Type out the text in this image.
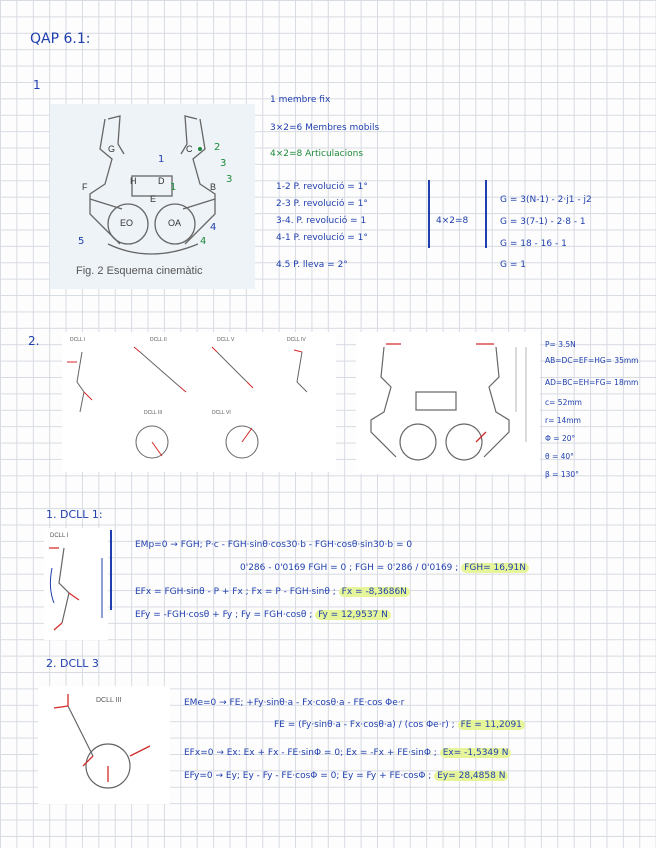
QAP 6.1:
1
F
G
H D
C
B
EO	OA
E
2
3
3
4
1
5
4
1
Fig. 2 Esquema cinemàtic
1 membre fix
3×2=6 Membres mobils
4×2=8 Articulacions
1-2 P. revolució = 1°
2-3 P. revolució = 1°
3-4. P. revolució = 1
4-1 P. revolució = 1°
4.5 P. lleva = 2°
4×2=8
G = 3(N-1) - 2·j1 - j2
G = 3(7-1) - 2·8 - 1
G = 18 - 16 - 1
G = 1
2.	DCLL I	DCLL II	DCLL V	DCLL IV
DCLL III	DCLL VI
P= 3.5N
AB=DC=EF=HG= 35mm
AD=BC=EH=FG= 18mm
c= 52mm
r= 14mm
Φ = 20°
θ = 40°
β = 130°
1. DCLL 1:
DCLL I
EMp=0 → FGH; P·c - FGH·sinθ·cos30·b - FGH·cosθ·sin30·b = 0
0'286 - 0'0169 FGH = 0 ; FGH = 0'286 / 0'0169 ; FGH= 16,91N
EFx = FGH·sinθ - P + Fx ; Fx = P - FGH·sinθ ; Fx = -8,3686N
EFy = -FGH·cosθ + Fy ; Fy = FGH·cosθ ; Fy = 12,9537 N
2. DCLL 3
DCLL III	EMe=0 → FE; +Fy·sinθ·a - Fx·cosθ·a - FE·cos Φe·r
FE = (Fy·sinθ·a - Fx·cosθ·a) / (cos Φe·r) ; FE = 11,2091
EFx=0 → Ex: Ex + Fx - FE·sinΦ = 0; Ex = -Fx + FE·sinΦ ; Ex= -1,5349 N
EFy=0 → Ey; Ey - Fy - FE·cosΦ = 0; Ey = Fy + FE·cosΦ ; Ey= 28,4858 N
